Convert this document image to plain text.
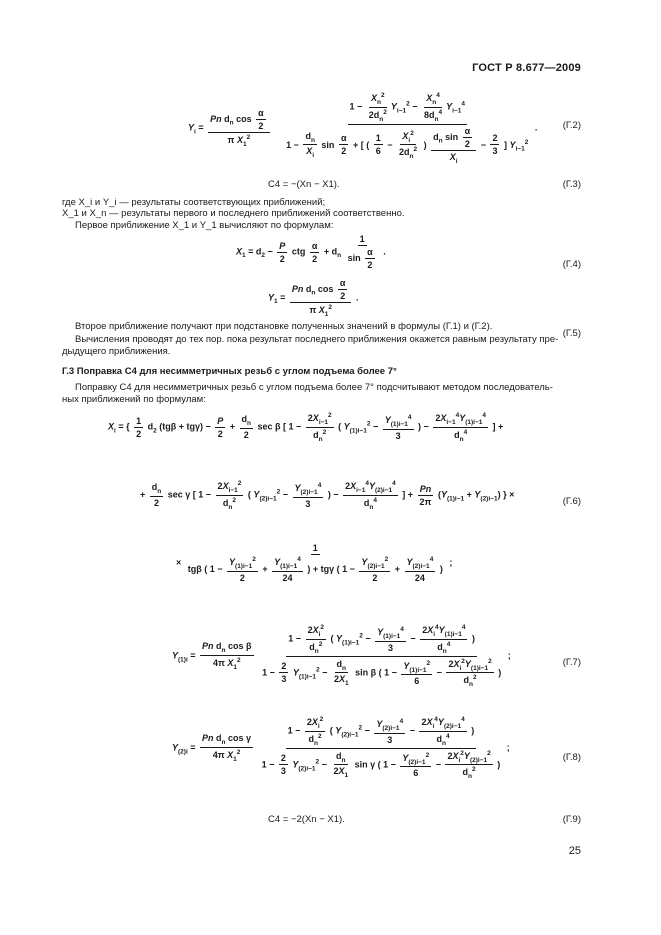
ГОСТ Р 8.677—2009
$Y_i = \frac{Pn d_n \cos \frac{\alpha}{2}}{\pi X_1^2}$

$1 - \frac{X_n^2}{2d_n^2} Y_{i-1}^2 - \frac{X_n^4}{8d_n^4} Y_{i-1}^4$
$1 - \frac{d_n}{X_i}$ $\sin \frac{\alpha}{2}$ + [ ( $\frac{1}{6} - \frac{X_i^2}{2d_n^2}$ ) $\frac{d_n \sin \frac{\alpha}{2}}{X_i} - \frac{2}{3}$ ] $Y_{i-1}^2$
.	(Г.2)
C4 = −(Xn − X1).	(Г.3)
где X_i и Y_i — результаты соответствующих приближений;
X_1 и X_n — результаты первого и последнего приближений соответственно.
Первое приближение X_1 и Y_1 вычисляют по формулам:
$X_1 = d_2 - \frac{P}{2}$ ctg $\frac{\alpha}{2} + d_n \frac{1}{\sin \frac{\alpha}{2}}$ .
(Г.4)
$Y_1 = \frac{Pn d_n \cos \frac{\alpha}{2}}{\pi X_1^2}$ .
(Г.5)
Второе приближение получают при подстановке полученных значений в формулы (Г.1) и (Г.2).
Вычисления проводят до тех пор. пока результат последнего приближения окажется равным результату пре-
дыдущего приближения.
Г.3 Поправка C4 для несимметричных резьб с углом подъема более 7°
Поправку C4 для несимметричных резьб с углом подъема более 7° подсчитывают методом последователь-
ных приближений по формулам:
$X_i$ = { $\frac{1}{2} d_2$ $(tg\beta + tg\gamma) - \frac{P}{2} + \frac{d_n}{2}$ sec β [ $1 - \frac{2X_{i-1}^2}{d_n^2}$ ( $Y_{(1)i-1}^2 - \frac{Y_{(1)i-1}^4}{3}$ ) − $\frac{2X_{i-1}^4Y_{(1)i-1}^4}{d_n^4}$ ] +
+ $\frac{d_n}{2}$ sec γ [ $1 - \frac{2X_{i-1}^2}{d_n^2}$ ( $Y_{(2)i-1}^2 - \frac{Y_{(2)i-1}^4}{3}$ ) − $\frac{2X_{i-1}^4Y_{(2)i-1}^4}{d_n^4}$ ] + $\frac{Pn}{2\pi} (Y_{(1)i-1} + Y_{(2)i-1})$ } ×
(Г.6)
×
1
tgβ ( $1 - \frac{Y_{(1)i-1}^2}{2} + \frac{Y_{(1)i-1}^4}{24}$ ) + tgγ ( $1 - \frac{Y_{(2)i-1}^2}{2} + \frac{Y_{(2)i-1}^4}{24}$ )
;
$Y_{(1)i} = \frac{Pn d_n \cos \beta}{4\pi X_1^2}$

$1 - \frac{2X_i^2}{d_n^2}$ ( $Y_{(1)i-1}^2 - \frac{Y_{(1)i-1}^4}{3} - \frac{2X_i^4Y_{(1)i-1}^4}{d_n^4}$ )
$1 - \frac{2}{3} Y_{(1)i-1}^2 - \frac{d_n}{2X_1}$ sin β ( $1 - \frac{Y_{(1)i-1}^2}{6} - \frac{2X_i^2Y_{(1)i-1}^2}{d_n^2}$ )
;
(Г.7)
$Y_{(2)i} = \frac{Pn d_n \cos \gamma}{4\pi X_1^2}$

$1 - \frac{2X_i^2}{d_n^2}$ ( $Y_{(2)i-1}^2 - \frac{Y_{(2)i-1}^4}{3} - \frac{2X_i^4Y_{(2)i-1}^4}{d_n^4}$ )
$1 - \frac{2}{3} Y_{(2)i-1}^2 - \frac{d_n}{2X_1}$ sin γ ( $1 - \frac{Y_{(2)i-1}^2}{6} - \frac{2X_i^2Y_{(2)i-1}^2}{d_n^2}$ )
;
(Г.8)
C4 = −2(Xn − X1).	(Г.9)
25
